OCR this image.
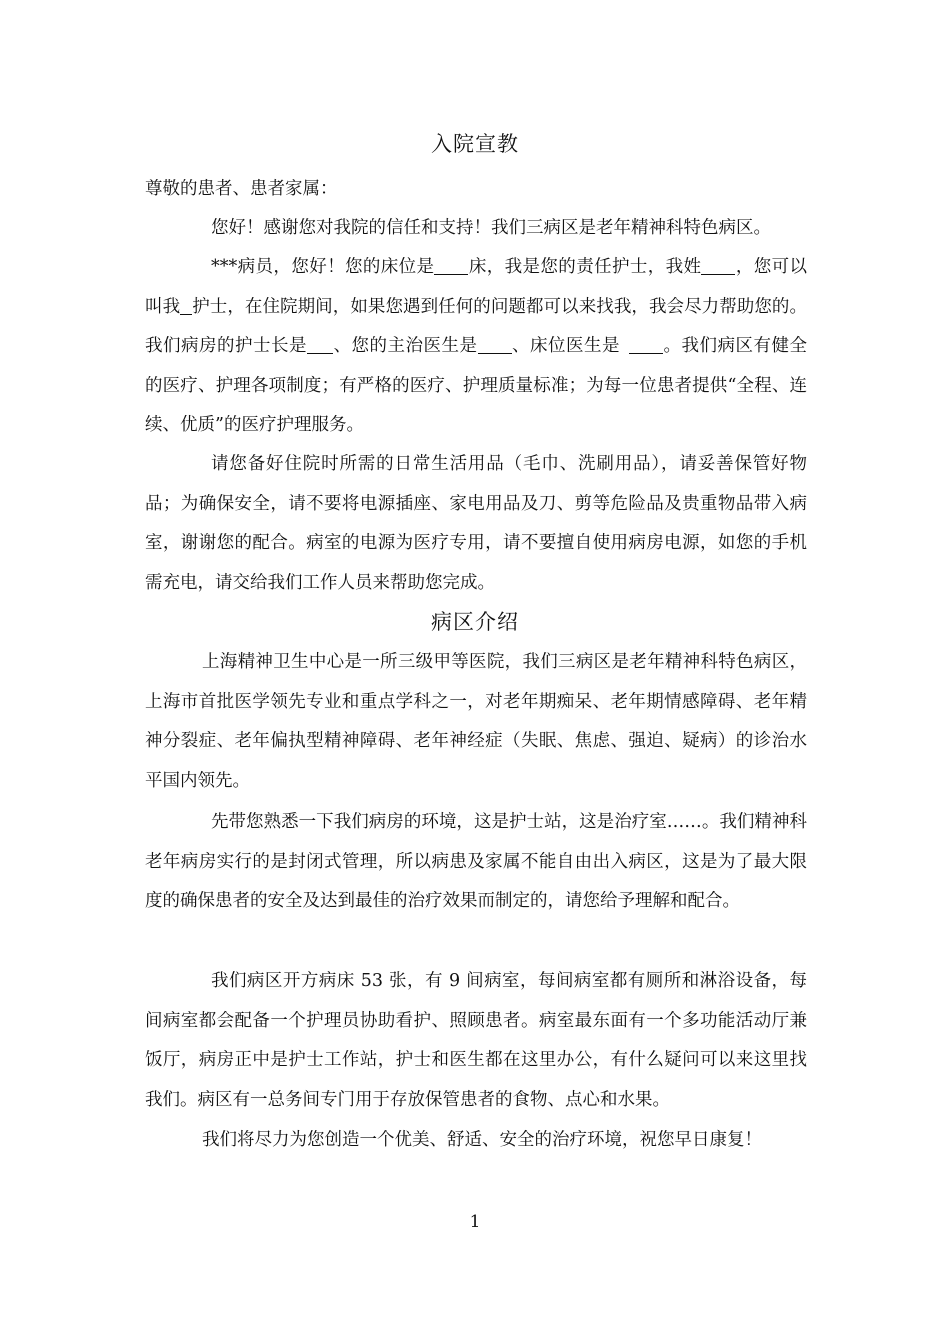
入院宣教

尊敬的患者、患者家属：

您好！感谢您对我院的信任和支持！我们三病区是老年精神科特色病区。

***病员，您好！您的床位是 床，我是您的责任护士，我姓 ，您可以叫我 护士，在住院期间，如果您遇到任何的问题都可以来找我，我会尽力帮助您的。我们病房的护士长是 、您的主治医生是 、床位医生是 。我们病区有健全的医疗、护理各项制度；有严格的医疗、护理质量标准；为每一位患者提供“全程、连续、优质”的医疗护理服务。

请您备好住院时所需的日常生活用品（毛巾、洗刷用品），请妥善保管好物品；为确保安全，请不要将电源插座、家电用品及刀、剪等危险品及贵重物品带入病室，谢谢您的配合。病室的电源为医疗专用，请不要擅自使用病房电源，如您的手机需充电，请交给我们工作人员来帮助您完成。

病区介绍

上海精神卫生中心是一所三级甲等医院，我们三病区是老年精神科特色病区，上海市首批医学领先专业和重点学科之一，对老年期痴呆、老年期情感障碍、老年精神分裂症、老年偏执型精神障碍、老年神经症（失眠、焦虑、强迫、疑病）的诊治水平国内领先。

先带您熟悉一下我们病房的环境，这是护士站，这是治疗室……。我们精神科老年病房实行的是封闭式管理，所以病患及家属不能自由出入病区，这是为了最大限度的确保患者的安全及达到最佳的治疗效果而制定的，请您给予理解和配合。

我们病区开方病床 53 张，有 9 间病室，每间病室都有厕所和淋浴设备，每间病室都会配备一个护理员协助看护、照顾患者。病室最东面有一个多功能活动厅兼饭厅，病房正中是护士工作站，护士和医生都在这里办公，有什么疑问可以来这里找我们。病区有一总务间专门用于存放保管患者的食物、点心和水果。

我们将尽力为您创造一个优美、舒适、安全的治疗环境，祝您早日康复！

1
